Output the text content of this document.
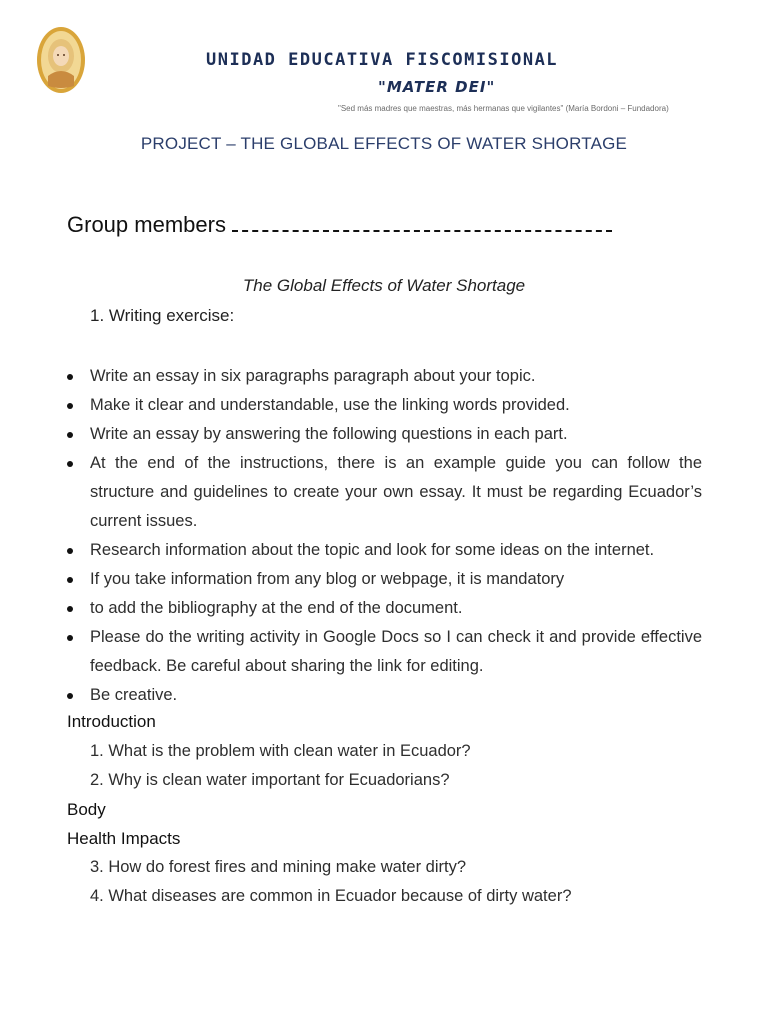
UNIDAD EDUCATIVA FISCOMISIONAL
"MATER DEI"
"Sed más madres que maestras, más hermanas que vigilantes" (María Bordoni – Fundadora)
PROJECT – THE GLOBAL EFFECTS OF WATER SHORTAGE
Group members
The Global Effects of Water Shortage
1. Writing exercise:
Write an essay in six paragraphs paragraph about your topic.
Make it clear and understandable, use the linking words provided.
Write an essay by answering the following questions in each part.
At the end of the instructions, there is an example guide you can follow the structure and guidelines to create your own essay. It must be regarding Ecuador’s current issues.
Research information about the topic and look for some ideas on the internet.
If you take information from any blog or webpage, it is mandatory
to add the bibliography at the end of the document.
Please do the writing activity in Google Docs so I can check it and provide effective feedback. Be careful about sharing the link for editing.
Be creative.
Introduction
1. What is the problem with clean water in Ecuador?
2. Why is clean water important for Ecuadorians?
Body
Health Impacts
3. How do forest fires and mining make water dirty?
4. What diseases are common in Ecuador because of dirty water?
